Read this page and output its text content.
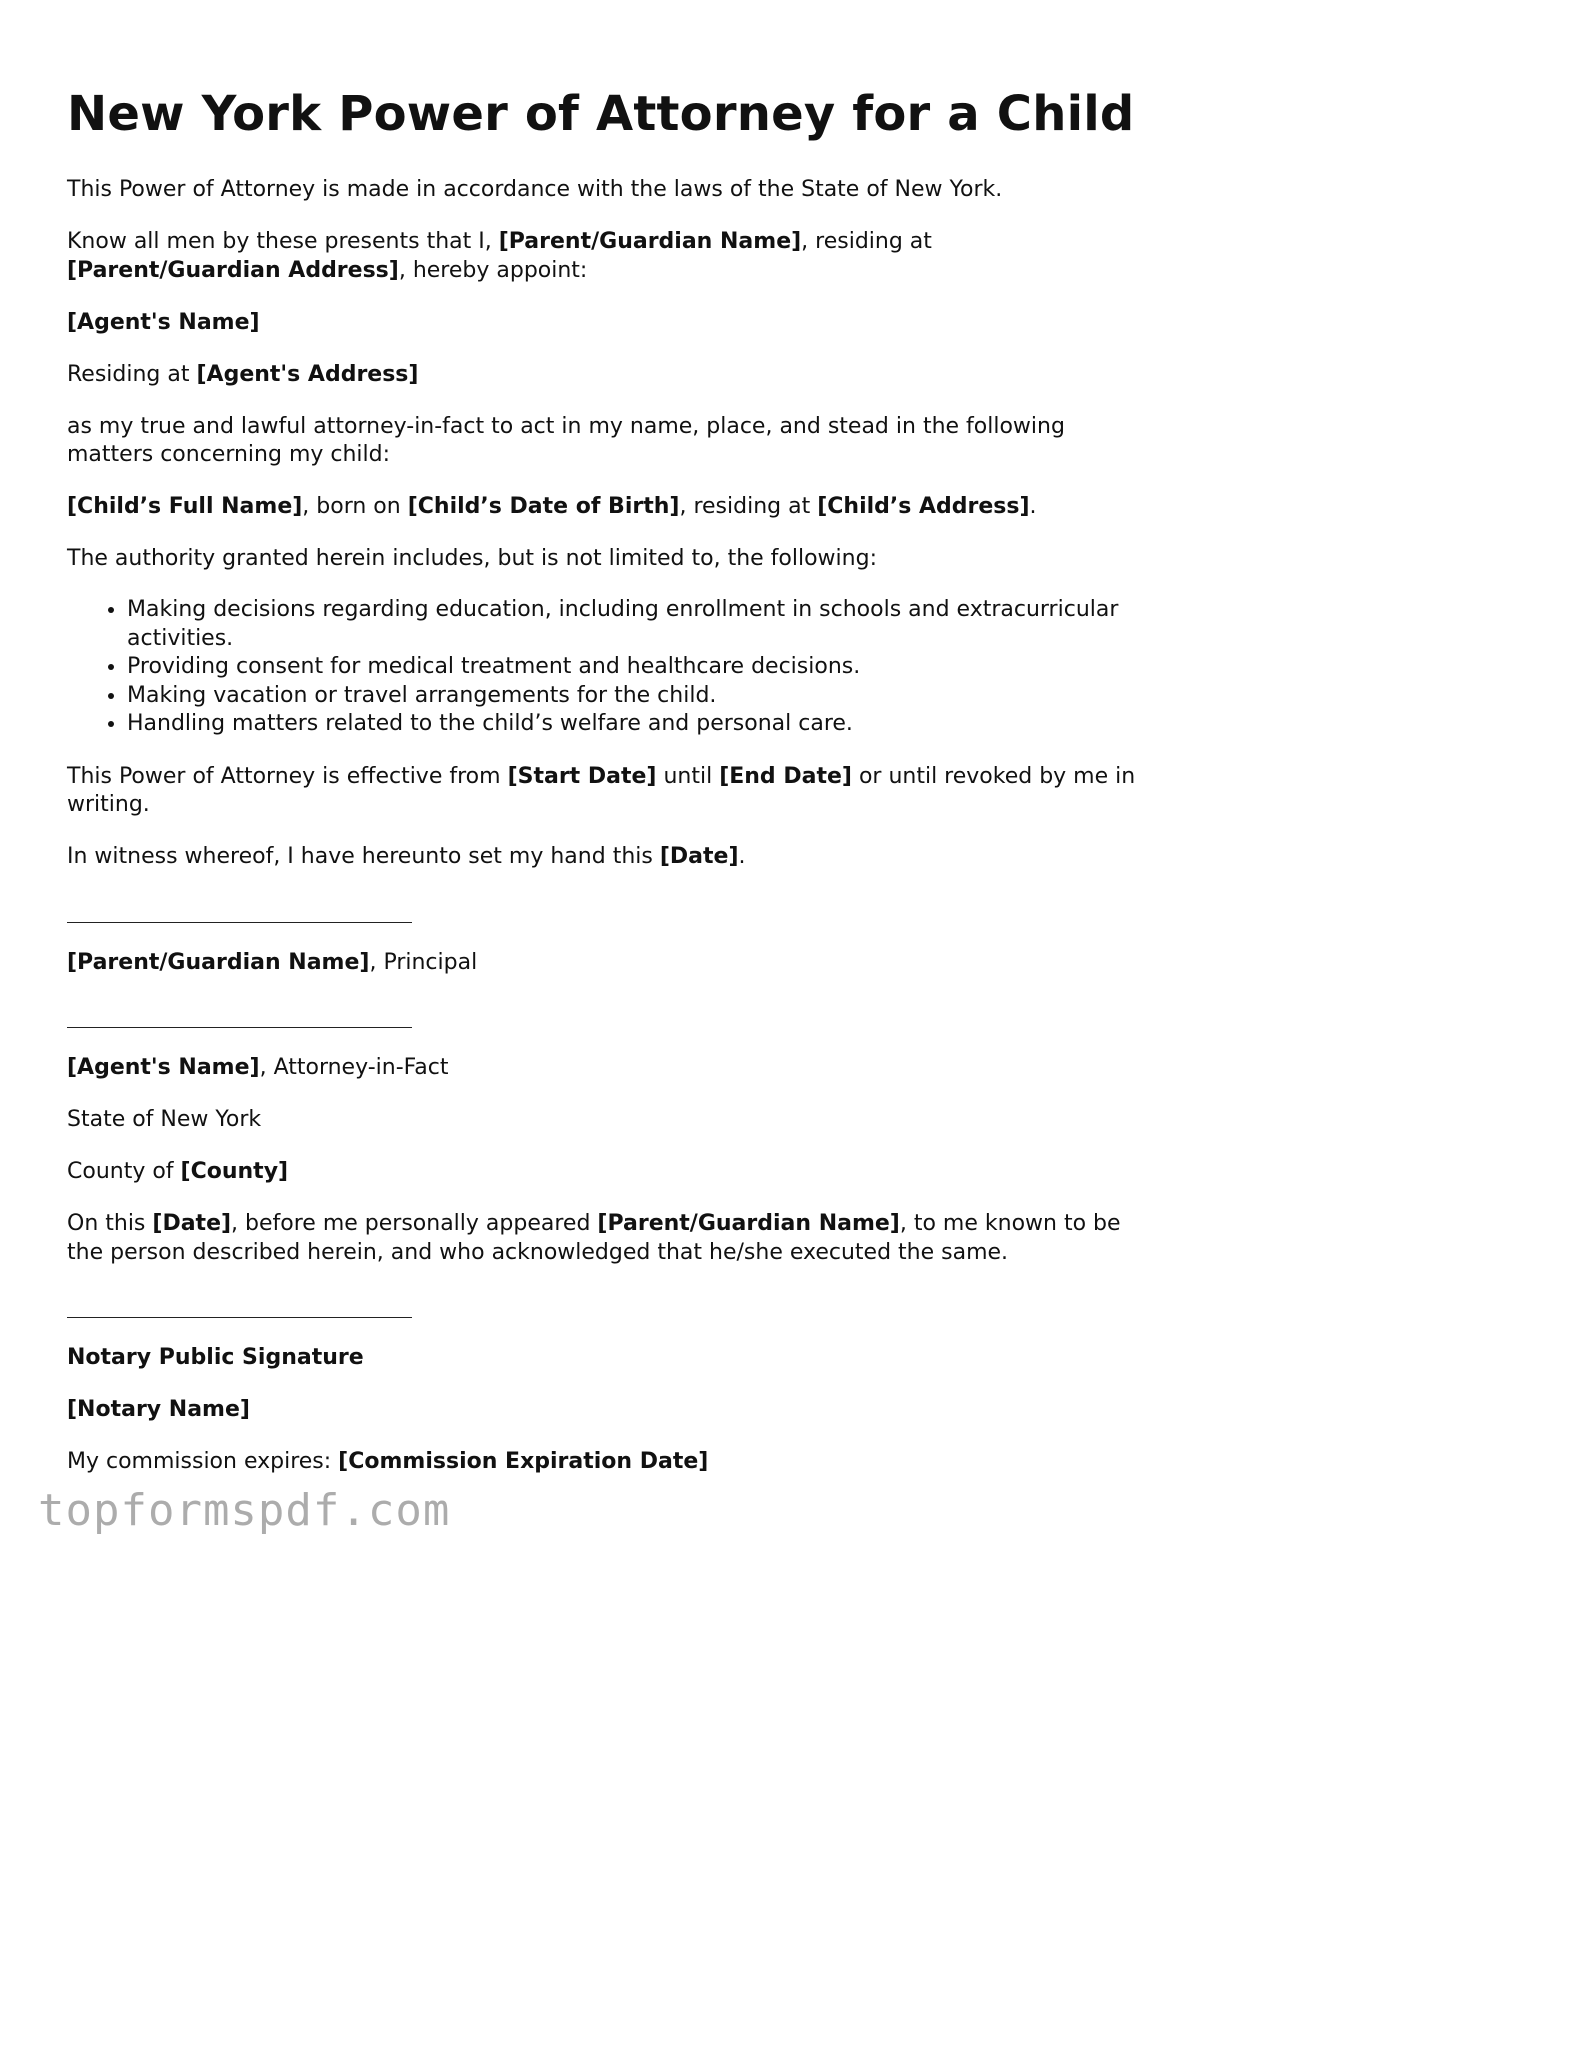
New York Power of Attorney for a Child

This Power of Attorney is made in accordance with the laws of the State of New York.

Know all men by these presents that I, [Parent/Guardian Name], residing at
[Parent/Guardian Address], hereby appoint:

[Agent's Name]

Residing at [Agent's Address]

as my true and lawful attorney-in-fact to act in my name, place, and stead in the following matters concerning my child:

[Child’s Full Name], born on [Child’s Date of Birth], residing at [Child’s Address].

The authority granted herein includes, but is not limited to, the following:

• Making decisions regarding education, including enrollment in schools and extracurricular activities.
• Providing consent for medical treatment and healthcare decisions.
• Making vacation or travel arrangements for the child.
• Handling matters related to the child’s welfare and personal care.

This Power of Attorney is effective from [Start Date] until [End Date] or until revoked by me in writing.

In witness whereof, I have hereunto set my hand this [Date].

[Parent/Guardian Name], Principal

[Agent's Name], Attorney-in-Fact

State of New York

County of [County]

On this [Date], before me personally appeared [Parent/Guardian Name], to me known to be the person described herein, and who acknowledged that he/she executed the same.

Notary Public Signature

[Notary Name]

My commission expires: [Commission Expiration Date]

topformspdf.com
